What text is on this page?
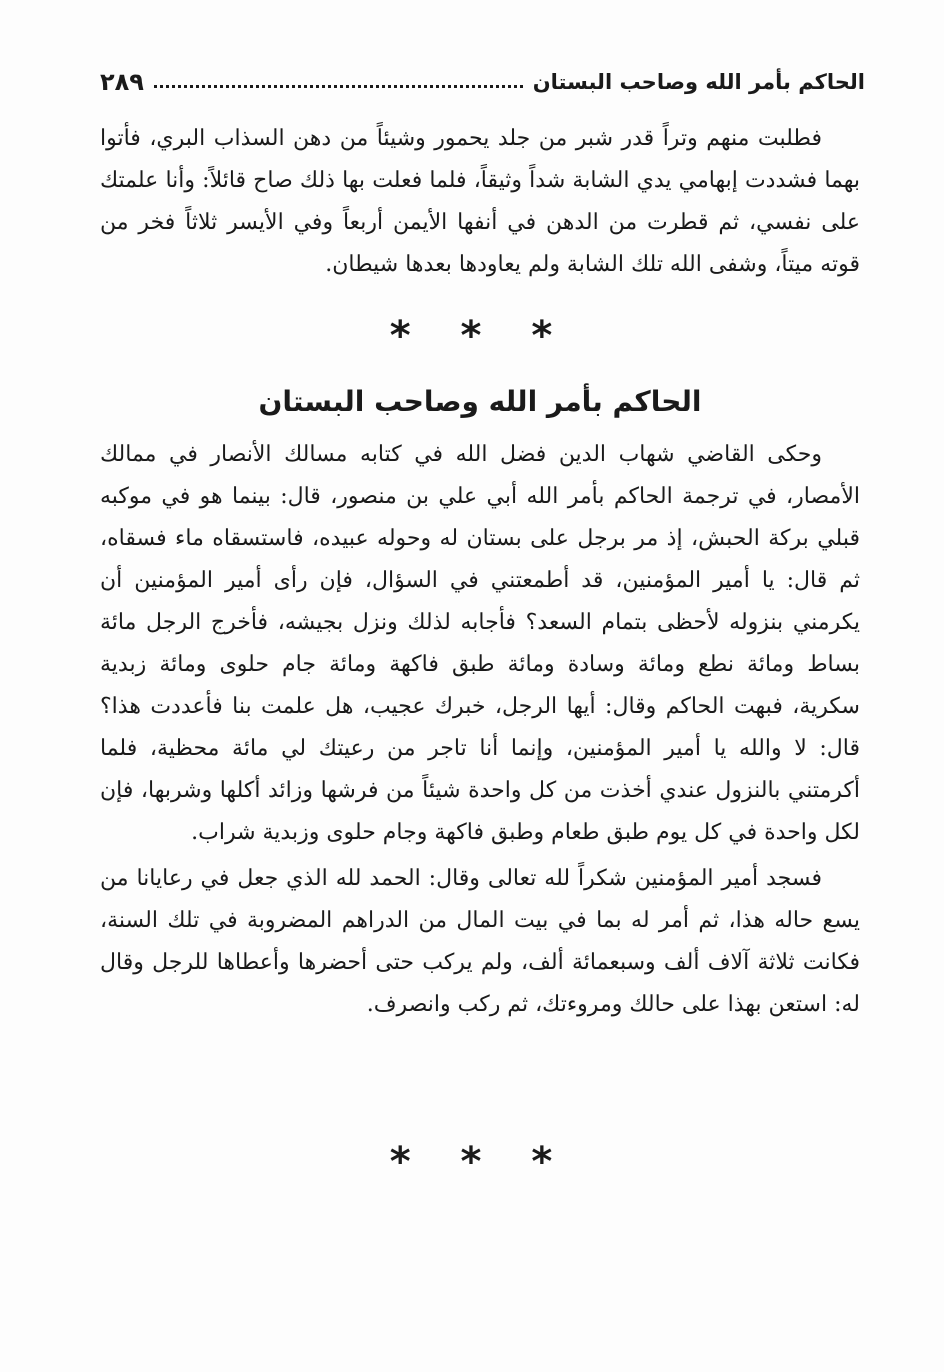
الحاكم بأمر الله وصاحب البستان
٢٨٩

فطلبت منهم وتراً قدر شبر من جلد يحمور وشيئاً من دهن السذاب البري، فأتوا بهما فشددت إبهامي يدي الشابة شداً وثيقاً، فلما فعلت بها ذلك صاح قائلاً: وأنا علمتك على نفسي، ثم قطرت من الدهن في أنفها الأيمن أربعاً وفي الأيسر ثلاثاً فخر من قوته ميتاً، وشفى الله تلك الشابة ولم يعاودها بعدها شيطان.

* * *
الحاكم بأمر الله وصاحب البستان

وحكى القاضي شهاب الدين فضل الله في كتابه مسالك الأنصار في ممالك الأمصار، في ترجمة الحاكم بأمر الله أبي علي بن منصور، قال: بينما هو في موكبه قبلي بركة الحبش، إذ مر برجل على بستان له وحوله عبيده، فاستسقاه ماء فسقاه، ثم قال: يا أمير المؤمنين، قد أطمعتني في السؤال، فإن رأى أمير المؤمنين أن يكرمني بنزوله لأحظى بتمام السعد؟ فأجابه لذلك ونزل بجيشه، فأخرج الرجل مائة بساط ومائة نطع ومائة وسادة ومائة طبق فاكهة ومائة جام حلوى ومائة زبدية سكرية، فبهت الحاكم وقال: أيها الرجل، خبرك عجيب، هل علمت بنا فأعددت هذا؟ قال: لا والله يا أمير المؤمنين، وإنما أنا تاجر من رعيتك لي مائة محظية، فلما أكرمتني بالنزول عندي أخذت من كل واحدة شيئاً من فرشها وزائد أكلها وشربها، فإن لكل واحدة في كل يوم طبق طعام وطبق فاكهة وجام حلوى وزبدية شراب.

فسجد أمير المؤمنين شكراً لله تعالى وقال: الحمد لله الذي جعل في رعايانا من يسع حاله هذا، ثم أمر له بما في بيت المال من الدراهم المضروبة في تلك السنة، فكانت ثلاثة آلاف ألف وسبعمائة ألف، ولم يركب حتى أحضرها وأعطاها للرجل وقال له: استعن بهذا على حالك ومروءتك، ثم ركب وانصرف.

* * *
